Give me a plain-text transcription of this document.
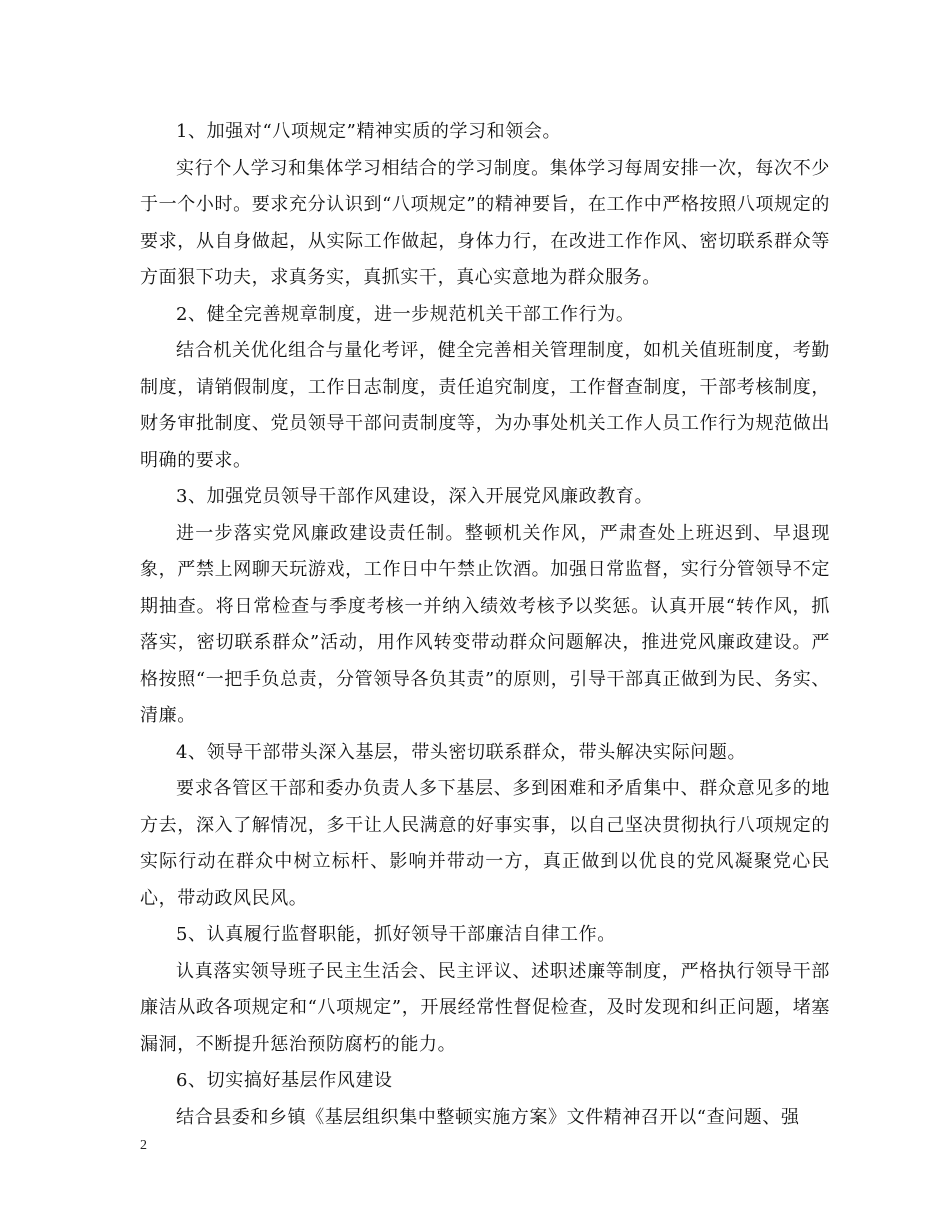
1、加强对“八项规定”精神实质的学习和领会。

实行个人学习和集体学习相结合的学习制度。集体学习每周安排一次，每次不少于一个小时。要求充分认识到“八项规定”的精神要旨，在工作中严格按照八项规定的要求，从自身做起，从实际工作做起，身体力行，在改进工作作风、密切联系群众等方面狠下功夫，求真务实，真抓实干，真心实意地为群众服务。

2、健全完善规章制度，进一步规范机关干部工作行为。

结合机关优化组合与量化考评，健全完善相关管理制度，如机关值班制度，考勤制度，请销假制度，工作日志制度，责任追究制度，工作督查制度，干部考核制度，财务审批制度、党员领导干部问责制度等，为办事处机关工作人员工作行为规范做出明确的要求。

3、加强党员领导干部作风建设，深入开展党风廉政教育。

进一步落实党风廉政建设责任制。整顿机关作风，严肃查处上班迟到、早退现象，严禁上网聊天玩游戏，工作日中午禁止饮酒。加强日常监督，实行分管领导不定期抽查。将日常检查与季度考核一并纳入绩效考核予以奖惩。认真开展“转作风，抓落实，密切联系群众”活动，用作风转变带动群众问题解决，推进党风廉政建设。严格按照“一把手负总责，分管领导各负其责”的原则，引导干部真正做到为民、务实、清廉。

4、领导干部带头深入基层，带头密切联系群众，带头解决实际问题。

要求各管区干部和委办负责人多下基层、多到困难和矛盾集中、群众意见多的地方去，深入了解情况，多干让人民满意的好事实事，以自己坚决贯彻执行八项规定的实际行动在群众中树立标杆、影响并带动一方，真正做到以优良的党风凝聚党心民心，带动政风民风。

5、认真履行监督职能，抓好领导干部廉洁自律工作。

认真落实领导班子民主生活会、民主评议、述职述廉等制度，严格执行领导干部廉洁从政各项规定和“八项规定”，开展经常性督促检查，及时发现和纠正问题，堵塞漏洞，不断提升惩治预防腐朽的能力。

6、切实搞好基层作风建设

结合县委和乡镇《基层组织集中整顿实施方案》文件精神召开以“查问题、强

2
